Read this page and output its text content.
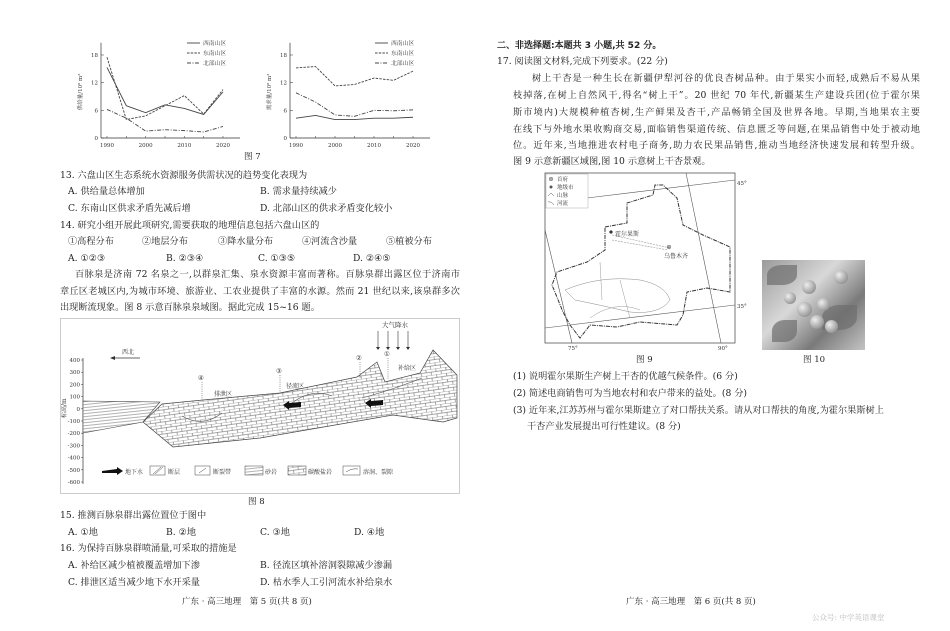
0
6
12
18
1990	2000	2010	2020
供给量/10⁸ m³
西南山区
东南山区
北部山区
0
6
12
18
1990	2000	2010	2020
需求量/10⁸ m³
西南山区
东南山区
北部山区
图 7
13. 六盘山区生态系统水资源服务供需状况的趋势变化表现为
A. 供给量总体增加	B. 需求量持续减少
C. 东南山区供求矛盾先减后增	D. 北部山区的供求矛盾变化较小
14. 研究小组开展此项研究,需要获取的地理信息包括六盘山区的
①高程分布	②地层分布	③降水量分布	④河流含沙量	⑤植被分布
A. ①②③	B. ②③④	C. ①③⑤	D. ②④⑤
百脉泉是济南 72 名泉之一,以群泉汇集、泉水资源丰富而著称。百脉泉群出露区位于济南市
章丘区老城区内,为城市环境、旅游业、工农业提供了丰富的水源。然而 21 世纪以来,该泉群多次
出现断流现象。图 8 示意百脉泉泉域图。据此完成 15~16 题。
400
300
200
100
0
-100
-200
-300
-400
-500
-600
标高/m
西北
大气降水
补给区
径流区
排泄区
①
②
③
④
地下水	断层	断裂带	砂岩	碳酸盐岩	溶洞、裂隙
图 8
15. 推测百脉泉群出露位置位于图中
A. ①地	B. ②地	C. ③地	D. ④地
16. 为保持百脉泉群喷涌量,可采取的措施是
A. 补给区减少植被覆盖增加下渗	B. 径流区填补溶洞裂隙减少渗漏
C. 排泄区适当减少地下水开采量	D. 枯水季人工引河流水补给泉水
广东 · 高三地理　第 5 页(共 8 页)
二、非选择题:本题共 3 小题,共 52 分。
17. 阅读图文材料,完成下列要求。(22 分)
树上干杏是一种生长在新疆伊犁河谷的优良杏树品种。由于果实小而轻,成熟后不易从果
枝掉落,在树上自然风干,得名“树上干”。20 世纪 70 年代,新疆某生产建设兵团(位于霍尔果
斯市境内)大规模种植杏树,生产鲜果及杏干,产品畅销全国及世界各地。早期,当地果农主要
在线下与外地水果收购商交易,面临销售渠道传统、信息匮乏等问题,在果品销售中处于被动地
位。近年来,当地推进农村电子商务,助力农民果品销售,推动当地经济快速发展和转型升级。
图 9 示意新疆区域图,图 10 示意树上干杏景观。
首府
地级市
山脉
河流
霍尔果斯
乌鲁木齐
45°
35°
75°	90°
图 9	图 10
(1) 说明霍尔果斯生产树上干杏的优越气候条件。(6 分)
(2) 简述电商销售可为当地农村和农户带来的益处。(8 分)
(3) 近年来,江苏苏州与霍尔果斯建立了对口帮扶关系。请从对口帮扶的角度,为霍尔果斯树上
干杏产业发展提出可行性建议。(8 分)
广东 · 高三地理　第 6 页(共 8 页)
公众号: 中学英语课堂
